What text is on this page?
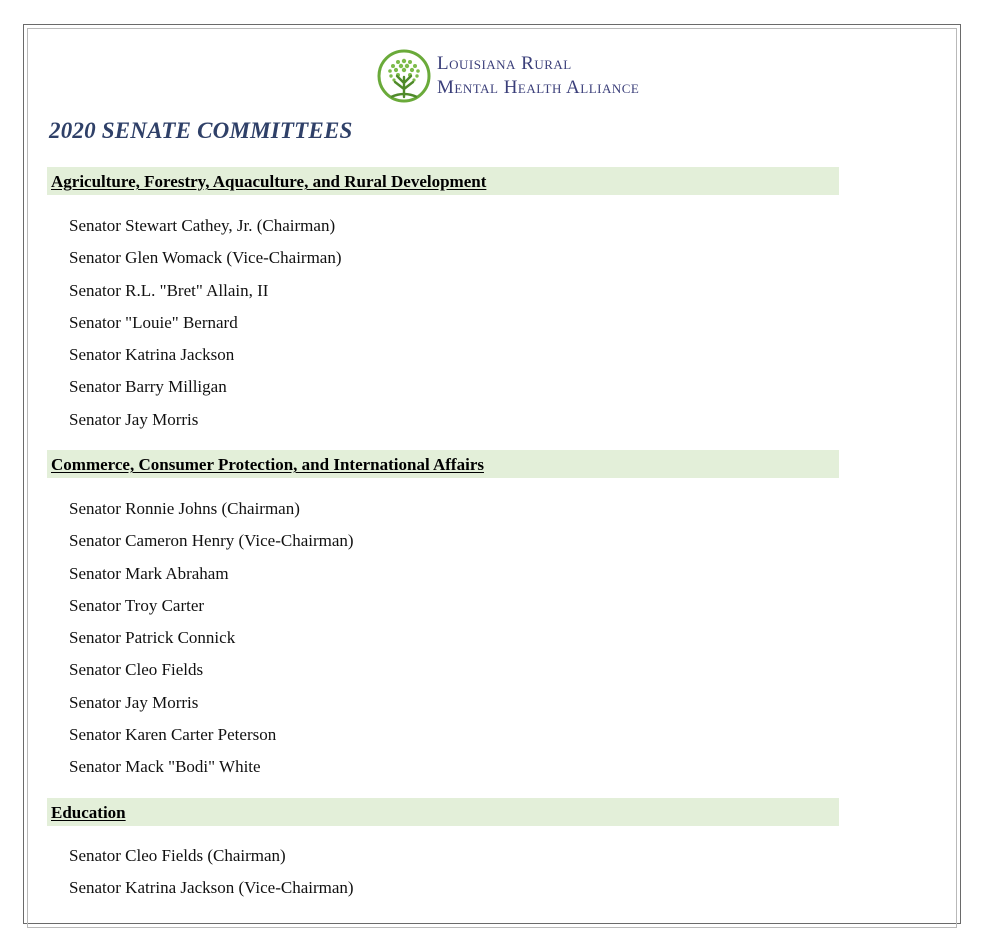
Louisiana Rural
Mental Health Alliance
2020 SENATE COMMITTEES
Agriculture, Forestry, Aquaculture, and Rural Development
Senator Stewart Cathey, Jr. (Chairman)
Senator Glen Womack (Vice-Chairman)
Senator R.L. "Bret" Allain, II
Senator "Louie" Bernard
Senator Katrina Jackson
Senator Barry Milligan
Senator Jay Morris
Commerce, Consumer Protection, and International Affairs
Senator Ronnie Johns (Chairman)
Senator Cameron Henry (Vice-Chairman)
Senator Mark Abraham
Senator Troy Carter
Senator Patrick Connick
Senator Cleo Fields
Senator Jay Morris
Senator Karen Carter Peterson
Senator Mack "Bodi" White
Education
Senator Cleo Fields (Chairman)
Senator Katrina Jackson (Vice-Chairman)
